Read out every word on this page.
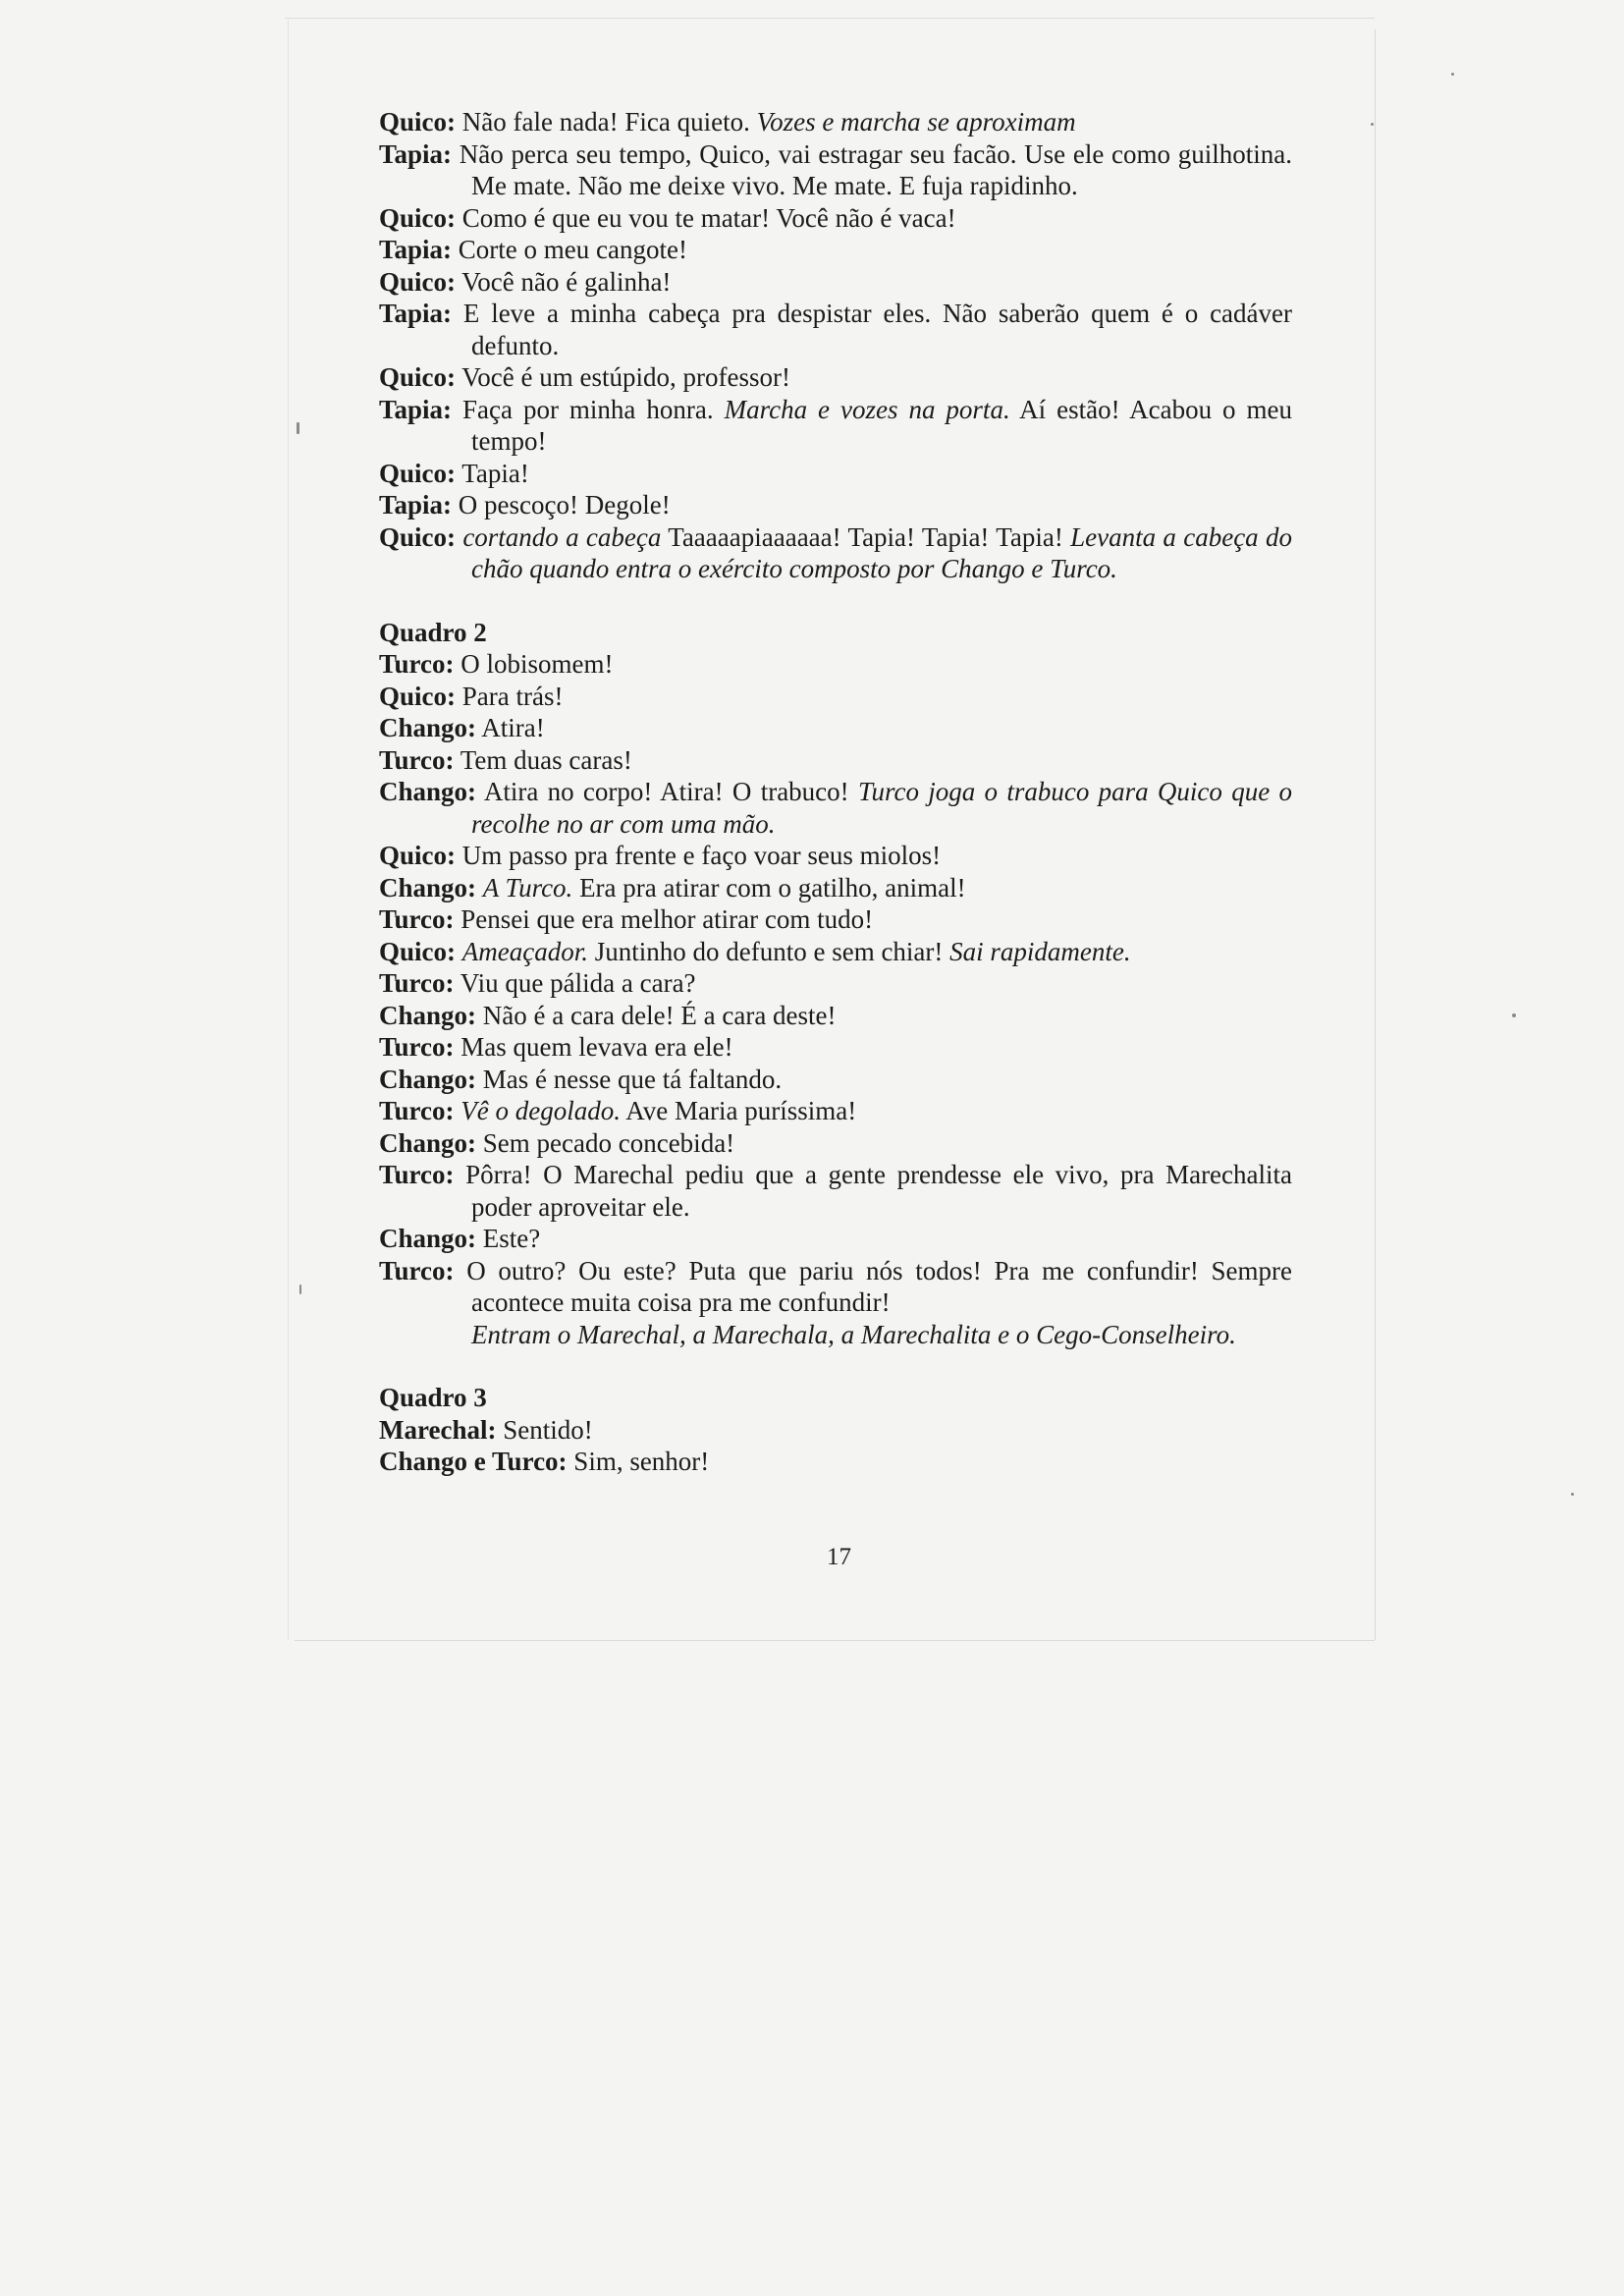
Quico: Não fale nada! Fica quieto. Vozes e marcha se aproximam

Tapia: Não perca seu tempo, Quico, vai estragar seu facão. Use ele como guilhotina. Me mate. Não me deixe vivo. Me mate. E fuja rapidinho.

Quico: Como é que eu vou te matar! Você não é vaca!

Tapia: Corte o meu cangote!

Quico: Você não é galinha!

Tapia: E leve a minha cabeça pra despistar eles. Não saberão quem é o cadáver defunto.

Quico: Você é um estúpido, professor!

Tapia: Faça por minha honra. Marcha e vozes na porta. Aí estão! Acabou o meu tempo!

Quico: Tapia!

Tapia: O pescoço! Degole!

Quico: cortando a cabeça Taaaaapiaaaaaa! Tapia! Tapia! Tapia! Levanta a cabeça do chão quando entra o exército composto por Chango e Turco.

Quadro 2

Turco: O lobisomem!

Quico: Para trás!

Chango: Atira!

Turco: Tem duas caras!

Chango: Atira no corpo! Atira! O trabuco! Turco joga o trabuco para Quico que o recolhe no ar com uma mão.

Quico: Um passo pra frente e faço voar seus miolos!

Chango: A Turco. Era pra atirar com o gatilho, animal!

Turco: Pensei que era melhor atirar com tudo!

Quico: Ameaçador. Juntinho do defunto e sem chiar! Sai rapidamente.

Turco: Viu que pálida a cara?

Chango: Não é a cara dele! É a cara deste!

Turco: Mas quem levava era ele!

Chango: Mas é nesse que tá faltando.

Turco: Vê o degolado. Ave Maria puríssima!

Chango: Sem pecado concebida!

Turco: Pôrra! O Marechal pediu que a gente prendesse ele vivo, pra Marechalita poder aproveitar ele.

Chango: Este?

Turco: O outro? Ou este? Puta que pariu nós todos! Pra me confundir! Sempre acontece muita coisa pra me confundir!

Entram o Marechal, a Marechala, a Marechalita e o Cego-Conselheiro.

Quadro 3

Marechal: Sentido!

Chango e Turco: Sim, senhor!

17
